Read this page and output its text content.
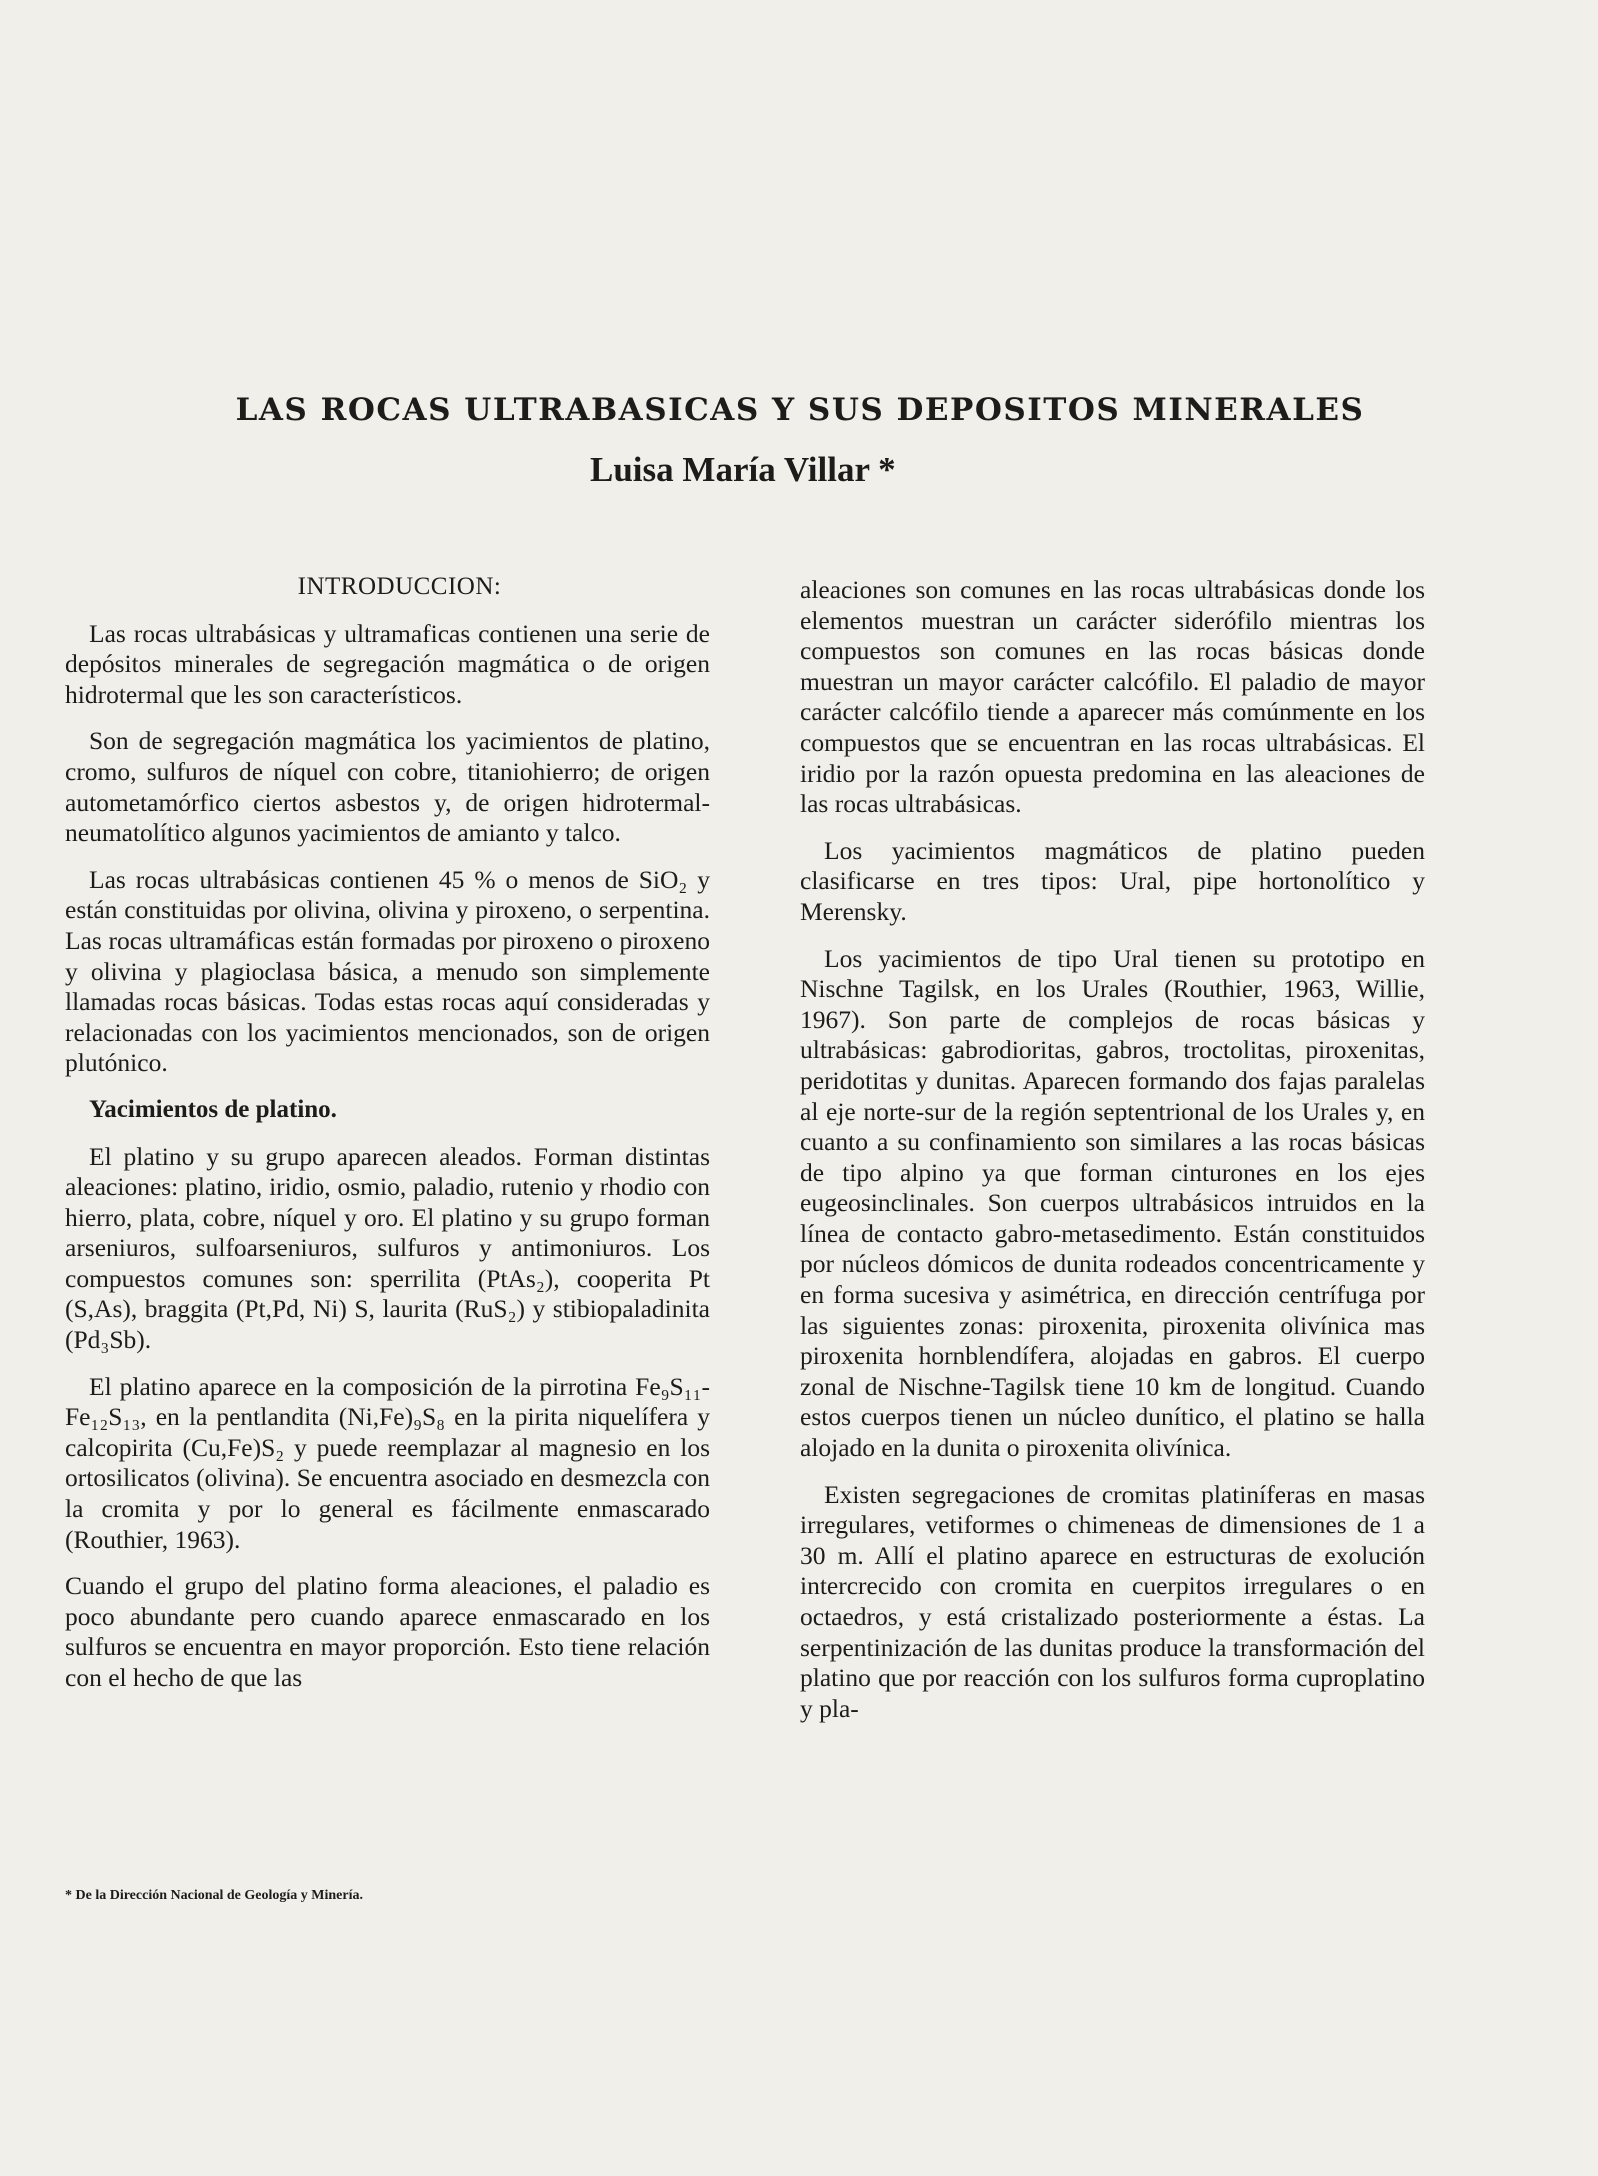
LAS ROCAS ULTRABASICAS Y SUS DEPOSITOS MINERALES
Luisa María Villar *

INTRODUCCION:

Las rocas ultrabásicas y ultramaficas contienen una serie de depósitos minerales de segregación magmática o de origen hidrotermal que les son característicos.

Son de segregación magmática los yacimientos de platino, cromo, sulfuros de níquel con cobre, titaniohierro; de origen autometamórfico ciertos asbestos y, de origen hidrotermal-neumatolítico algunos yacimientos de amianto y talco.

Las rocas ultrabásicas contienen 45 % o menos de SiO₂ y están constituidas por olivina, olivina y piroxeno, o serpentina. Las rocas ultramáficas están formadas por piroxeno o piroxeno y olivina y plagioclasa básica, a menudo son simplemente llamadas rocas básicas. Todas estas rocas aquí consideradas y relacionadas con los yacimientos mencionados, son de origen plutónico.

Yacimientos de platino.

El platino y su grupo aparecen aleados. Forman distintas aleaciones: platino, iridio, osmio, paladio, rutenio y rhodio con hierro, plata, cobre, níquel y oro. El platino y su grupo forman arseniuros, sulfoarseniuros, sulfuros y antimoniuros. Los compuestos comunes son: sperrilita (PtAs₂), cooperita Pt (S,As), braggita (Pt,Pd, Ni) S, laurita (RuS₂) y stibiopaladinita (Pd₃Sb).

El platino aparece en la composición de la pirrotina Fe₉S₁₁-Fe₁₂S₁₃, en la pentlandita (Ni,Fe)₉S₈ en la pirita niquelífera y calcopirita (Cu,Fe)S₂ y puede reemplazar al magnesio en los ortosilicatos (olivina). Se encuentra asociado en desmezcla con la cromita y por lo general es fácilmente enmascarado (Routhier, 1963).

Cuando el grupo del platino forma aleaciones, el paladio es poco abundante pero cuando aparece enmascarado en los sulfuros se encuentra en mayor proporción. Esto tiene relación con el hecho de que las

aleaciones son comunes en las rocas ultrabásicas donde los elementos muestran un carácter siderófilo mientras los compuestos son comunes en las rocas básicas donde muestran un mayor carácter calcófilo. El paladio de mayor carácter calcófilo tiende a aparecer más comúnmente en los compuestos que se encuentran en las rocas ultrabásicas. El iridio por la razón opuesta predomina en las aleaciones de las rocas ultrabásicas.

Los yacimientos magmáticos de platino pueden clasificarse en tres tipos: Ural, pipe hortonolítico y Merensky.

Los yacimientos de tipo Ural tienen su prototipo en Nischne Tagilsk, en los Urales (Routhier, 1963, Willie, 1967). Son parte de complejos de rocas básicas y ultrabásicas: gabrodioritas, gabros, troctolitas, piroxenitas, peridotitas y dunitas. Aparecen formando dos fajas paralelas al eje norte-sur de la región septentrional de los Urales y, en cuanto a su confinamiento son similares a las rocas básicas de tipo alpino ya que forman cinturones en los ejes eugeosinclinales. Son cuerpos ultrabásicos intruidos en la línea de contacto gabro-metasedimento. Están constituidos por núcleos dómicos de dunita rodeados concentricamente y en forma sucesiva y asimétrica, en dirección centrífuga por las siguientes zonas: piroxenita, piroxenita olivínica mas piroxenita hornblendífera, alojadas en gabros. El cuerpo zonal de Nischne-Tagilsk tiene 10 km de longitud. Cuando estos cuerpos tienen un núcleo dunítico, el platino se halla alojado en la dunita o piroxenita olivínica.

Existen segregaciones de cromitas platiníferas en masas irregulares, vetiformes o chimeneas de dimensiones de 1 a 30 m. Allí el platino aparece en estructuras de exolución intercrecido con cromita en cuerpitos irregulares o en octaedros, y está cristalizado posteriormente a éstas. La serpentinización de las dunitas produce la transformación del platino que por reacción con los sulfuros forma cuproplatino y pla-

* De la Dirección Nacional de Geología y Minería.
